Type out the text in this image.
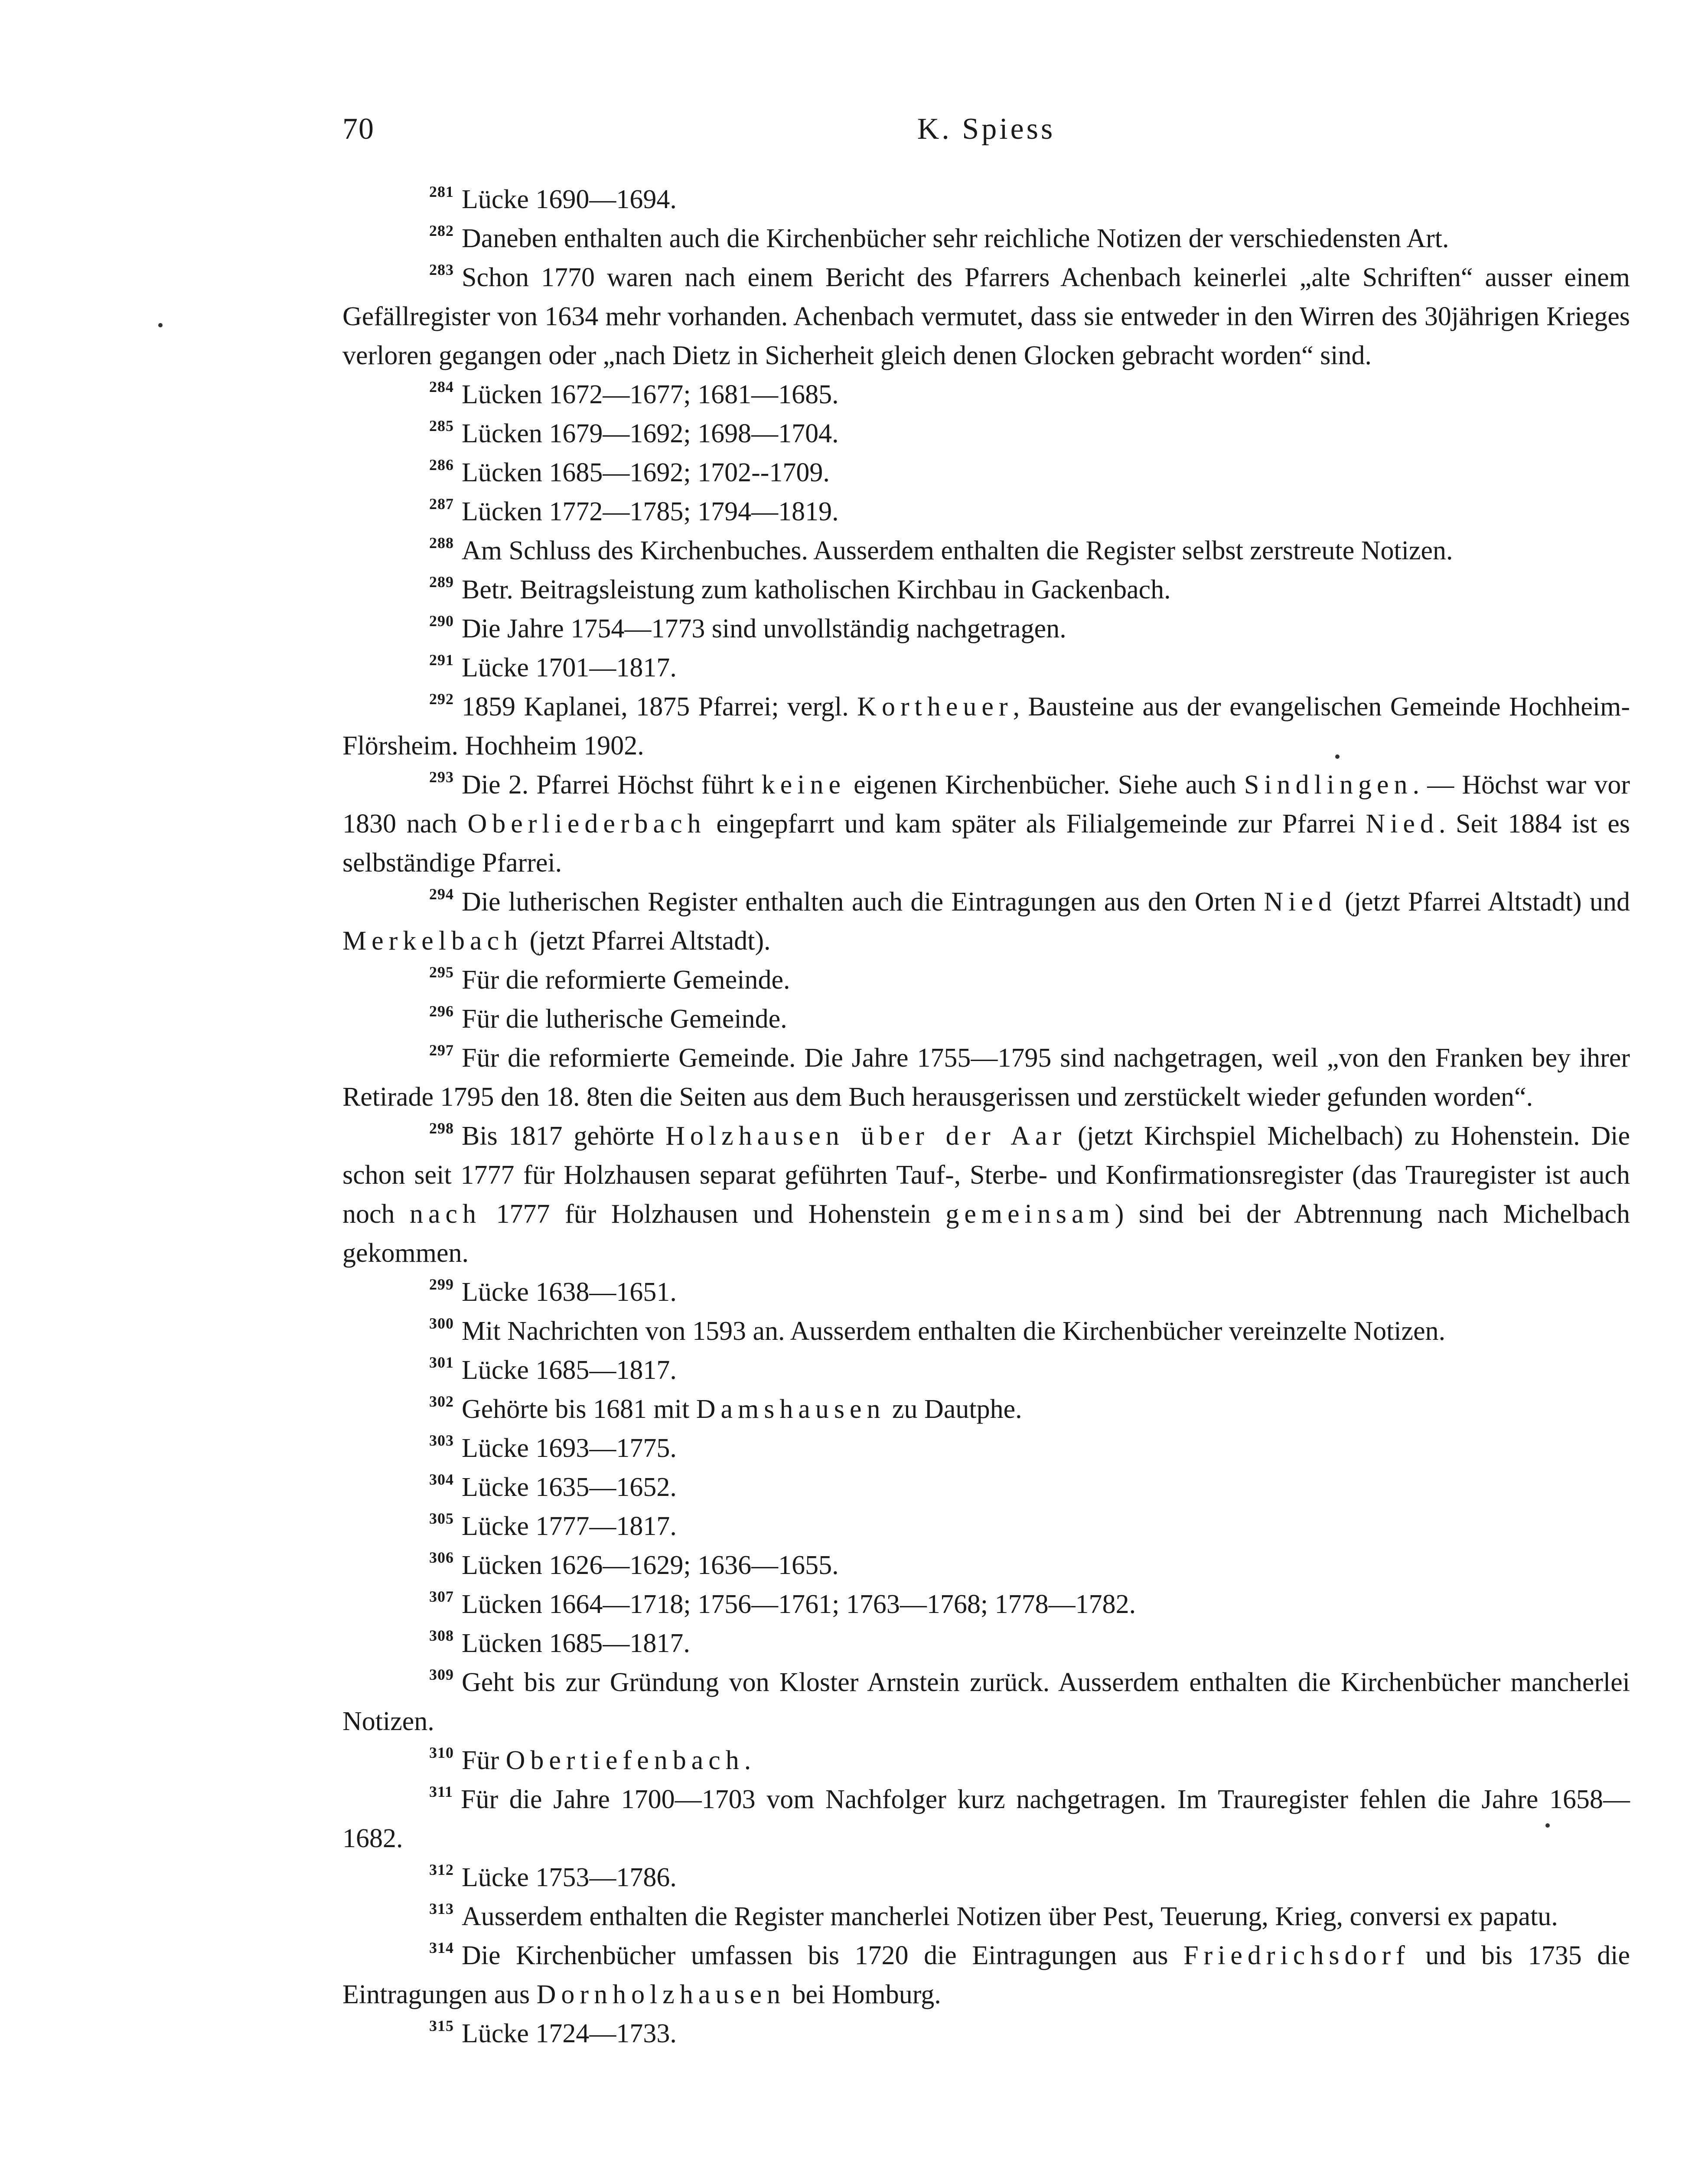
70	K. Spiess

$^{281}$ Lücke 1690—1694.

$^{282}$ Daneben enthalten auch die Kirchenbücher sehr reichliche Notizen der verschiedensten Art.

$^{283}$ Schon 1770 waren nach einem Bericht des Pfarrers Achenbach keinerlei „alte Schriften“ ausser einem Gefällregister von 1634 mehr vorhanden. Achenbach vermutet, dass sie entweder in den Wirren des 30jährigen Krieges verloren gegangen oder „nach Dietz in Sicherheit gleich denen Glocken gebracht worden“ sind.

$^{284}$ Lücken 1672—1677; 1681—1685.

$^{285}$ Lücken 1679—1692; 1698—1704.

$^{286}$ Lücken 1685—1692; 1702--1709.

$^{287}$ Lücken 1772—1785; 1794—1819.

$^{288}$ Am Schluss des Kirchenbuches. Ausserdem enthalten die Register selbst zerstreute Notizen.

$^{289}$ Betr. Beitragsleistung zum katholischen Kirchbau in Gackenbach.

$^{290}$ Die Jahre 1754—1773 sind unvollständig nachgetragen.

$^{291}$ Lücke 1701—1817.

$^{292}$ 1859 Kaplanei, 1875 Pfarrei; vergl. Kortheuer, Bausteine aus der evangelischen Gemeinde Hochheim-Flörsheim. Hochheim 1902.

$^{293}$ Die 2. Pfarrei Höchst führt keine eigenen Kirchenbücher. Siehe auch Sindlingen. — Höchst war vor 1830 nach Oberliederbach eingepfarrt und kam später als Filialgemeinde zur Pfarrei Nied. Seit 1884 ist es selbständige Pfarrei.

$^{294}$ Die lutherischen Register enthalten auch die Eintragungen aus den Orten Nied (jetzt Pfarrei Altstadt) und Merkelbach (jetzt Pfarrei Altstadt).

$^{295}$ Für die reformierte Gemeinde.

$^{296}$ Für die lutherische Gemeinde.

$^{297}$ Für die reformierte Gemeinde. Die Jahre 1755—1795 sind nachgetragen, weil „von den Franken bey ihrer Retirade 1795 den 18. 8ten die Seiten aus dem Buch herausgerissen und zerstückelt wieder gefunden worden“.

$^{298}$ Bis 1817 gehörte Holzhausen über der Aar (jetzt Kirchspiel Michelbach) zu Hohenstein. Die schon seit 1777 für Holzhausen separat geführten Tauf-, Sterbe- und Konfirmationsregister (das Trauregister ist auch noch nach 1777 für Holzhausen und Hohenstein gemeinsam) sind bei der Abtrennung nach Michelbach gekommen.

$^{299}$ Lücke 1638—1651.

$^{300}$ Mit Nachrichten von 1593 an. Ausserdem enthalten die Kirchenbücher vereinzelte Notizen.

$^{301}$ Lücke 1685—1817.

$^{302}$ Gehörte bis 1681 mit Damshausen zu Dautphe.

$^{303}$ Lücke 1693—1775.

$^{304}$ Lücke 1635—1652.

$^{305}$ Lücke 1777—1817.

$^{306}$ Lücken 1626—1629; 1636—1655.

$^{307}$ Lücken 1664—1718; 1756—1761; 1763—1768; 1778—1782.

$^{308}$ Lücken 1685—1817.

$^{309}$ Geht bis zur Gründung von Kloster Arnstein zurück. Ausserdem enthalten die Kirchenbücher mancherlei Notizen.

$^{310}$ Für Obertiefenbach.

$^{311}$ Für die Jahre 1700—1703 vom Nachfolger kurz nachgetragen. Im Trauregister fehlen die Jahre 1658—1682.

$^{312}$ Lücke 1753—1786.

$^{313}$ Ausserdem enthalten die Register mancherlei Notizen über Pest, Teuerung, Krieg, conversi ex papatu.

$^{314}$ Die Kirchenbücher umfassen bis 1720 die Eintragungen aus Friedrichsdorf und bis 1735 die Eintragungen aus Dornholzhausen bei Homburg.

$^{315}$ Lücke 1724—1733.
